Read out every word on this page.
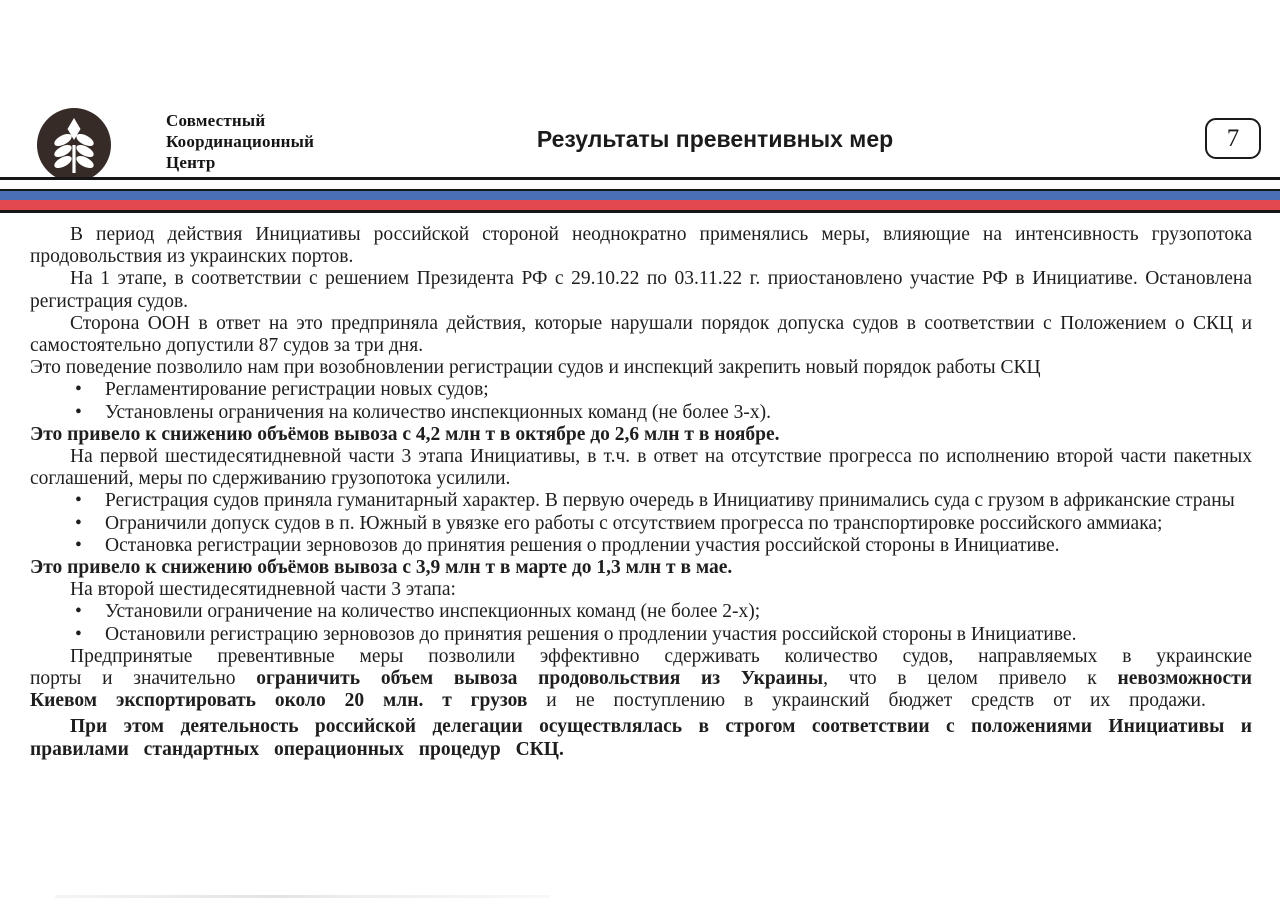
Совместный
Координационный
Центр
Результаты превентивных мер	7

В период действия Инициативы российской стороной неоднократно применялись меры, влияющие на интенсивность грузопотока продовольствия из украинских портов.

На 1 этапе, в соответствии с решением Президента РФ с 29.10.22 по 03.11.22 г. приостановлено участие РФ в Инициативе. Остановлена регистрация судов.

Сторона ООН в ответ на это предприняла действия, которые нарушали порядок допуска судов в соответствии с Положением о СКЦ и самостоятельно допустили 87 судов за три дня.

Это поведение позволило нам при возобновлении регистрации судов и инспекций закрепить новый порядок работы СКЦ

•	Регламентирование регистрации новых судов;
•	Установлены ограничения на количество инспекционных команд (не более 3-х).

Это привело к снижению объёмов вывоза с 4,2 млн т в октябре до 2,6 млн т в ноябре.

На первой шестидесятидневной части 3 этапа Инициативы, в т.ч. в ответ на отсутствие прогресса по исполнению второй части пакетных соглашений, меры по сдерживанию грузопотока усилили.

•	Регистрация судов приняла гуманитарный характер. В первую очередь в Инициативу принимались суда с грузом в африканские страны
•	Ограничили допуск судов в п. Южный в увязке его работы с отсутствием прогресса по транспортировке российского аммиака;
•	Остановка регистрации зерновозов до принятия решения о продлении участия российской стороны в Инициативе.

Это привело к снижению объёмов вывоза с 3,9 млн т в марте до 1,3 млн т в мае.

На второй шестидесятидневной части 3 этапа:

•	Установили ограничение на количество инспекционных команд (не более 2-х);
•	Остановили регистрацию зерновозов до принятия решения о продлении участия российской стороны в Инициативе.

Предпринятые превентивные меры позволили эффективно сдерживать количество судов, направляемых в украинские порты и значительно ограничить объем вывоза продовольствия из Украины, что в целом привело к невозможности Киевом экспортировать около 20 млн. т грузов и не поступлению в украинский бюджет средств от их продажи.

При этом деятельность российской делегации осуществлялась в строгом соответствии с положениями Инициативы и правилами стандартных операционных процедур СКЦ.
